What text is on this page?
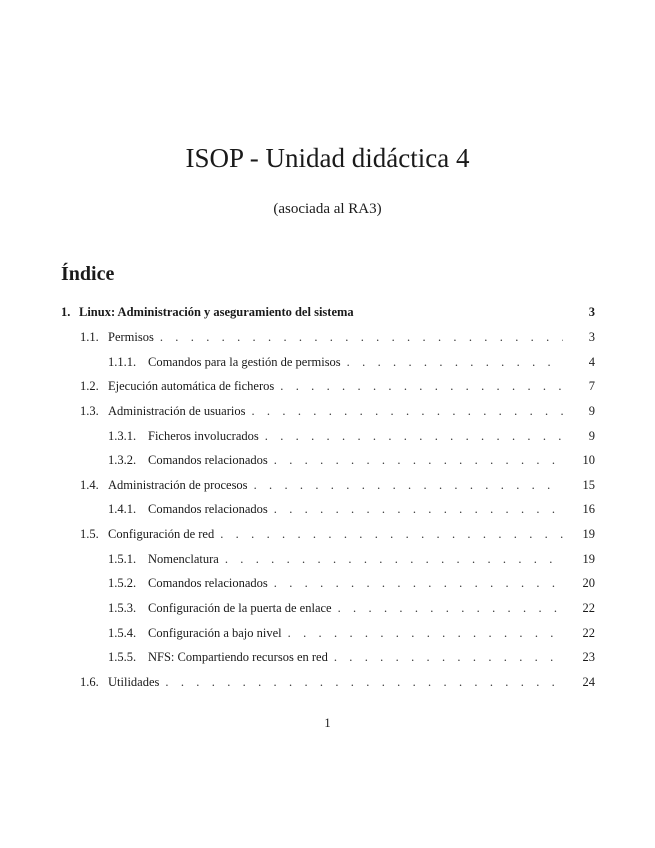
ISOP - Unidad didáctica 4
(asociada al RA3)
Índice
1. Linux: Administración y aseguramiento del sistema	3
1.1. Permisos . . .	3
1.1.1. Comandos para la gestión de permisos . . .	4
1.2. Ejecución automática de ficheros . . .	7
1.3. Administración de usuarios . . .	9
1.3.1. Ficheros involucrados . . .	9
1.3.2. Comandos relacionados . . .	10
1.4. Administración de procesos . . .	15
1.4.1. Comandos relacionados . . .	16
1.5. Configuración de red . . .	19
1.5.1. Nomenclatura . . .	19
1.5.2. Comandos relacionados . . .	20
1.5.3. Configuración de la puerta de enlace . . .	22
1.5.4. Configuración a bajo nivel . . .	22
1.5.5. NFS: Compartiendo recursos en red . . .	23
1.6. Utilidades . . .	24
1
